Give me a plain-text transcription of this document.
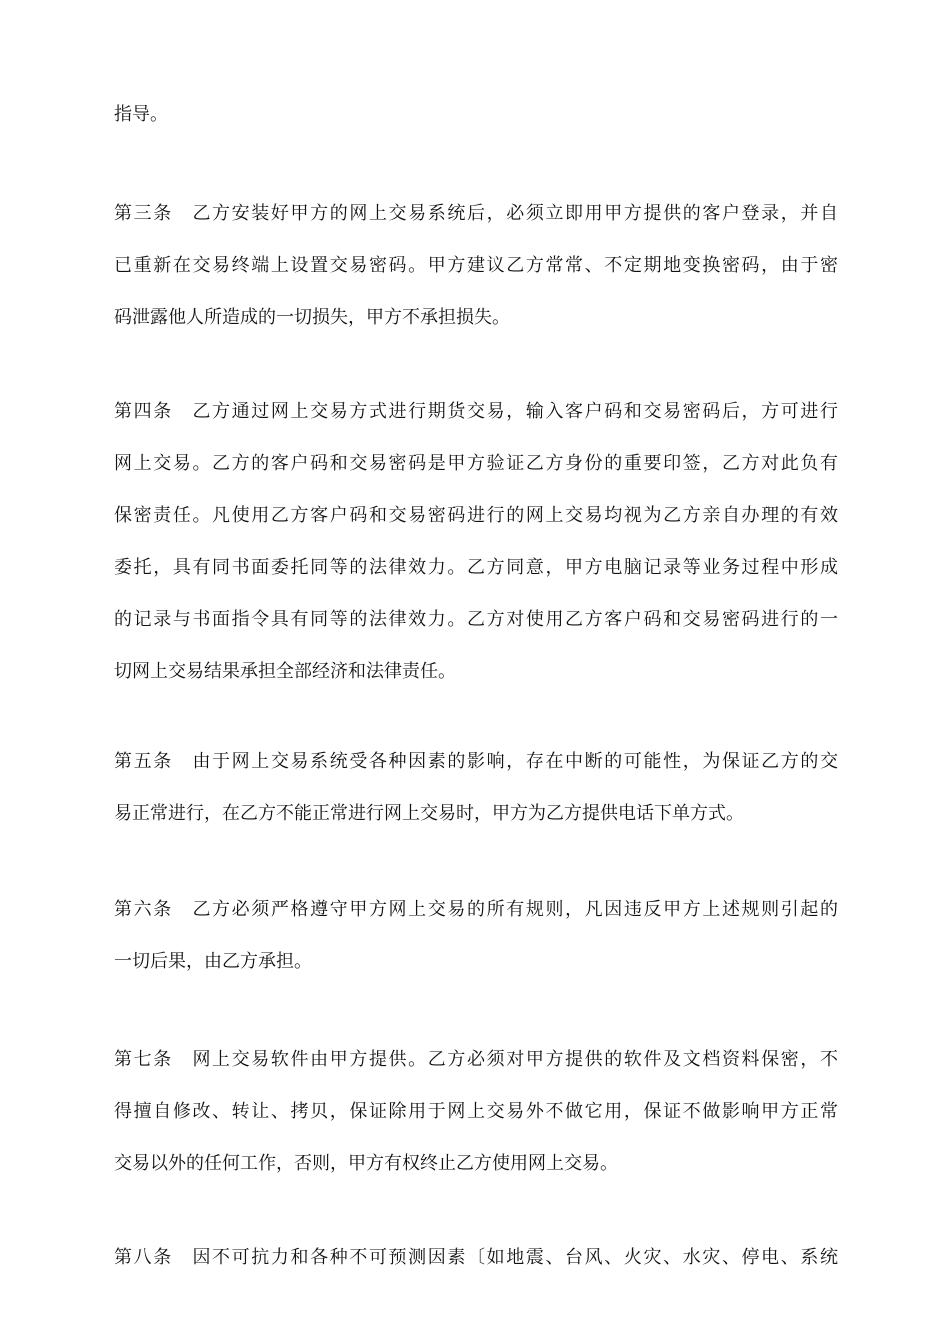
指导。
第三条　乙方安装好甲方的网上交易系统后，必须立即用甲方提供的客户登录，并自
已重新在交易终端上设置交易密码。甲方建议乙方常常、不定期地变换密码，由于密
码泄露他人所造成的一切损失，甲方不承担损失。
第四条　乙方通过网上交易方式进行期货交易，输入客户码和交易密码后，方可进行
网上交易。乙方的客户码和交易密码是甲方验证乙方身份的重要印签，乙方对此负有
保密责任。凡使用乙方客户码和交易密码进行的网上交易均视为乙方亲自办理的有效
委托，具有同书面委托同等的法律效力。乙方同意，甲方电脑记录等业务过程中形成
的记录与书面指令具有同等的法律效力。乙方对使用乙方客户码和交易密码进行的一
切网上交易结果承担全部经济和法律责任。
第五条　由于网上交易系统受各种因素的影响，存在中断的可能性，为保证乙方的交
易正常进行，在乙方不能正常进行网上交易时，甲方为乙方提供电话下单方式。
第六条　乙方必须严格遵守甲方网上交易的所有规则，凡因违反甲方上述规则引起的
一切后果，由乙方承担。
第七条　网上交易软件由甲方提供。乙方必须对甲方提供的软件及文档资料保密，不
得擅自修改、转让、拷贝，保证除用于网上交易外不做它用，保证不做影响甲方正常
交易以外的任何工作，否则，甲方有权终止乙方使用网上交易。
第八条　因不可抗力和各种不可预测因素〔如地震、台风、火灾、水灾、停电、系统
